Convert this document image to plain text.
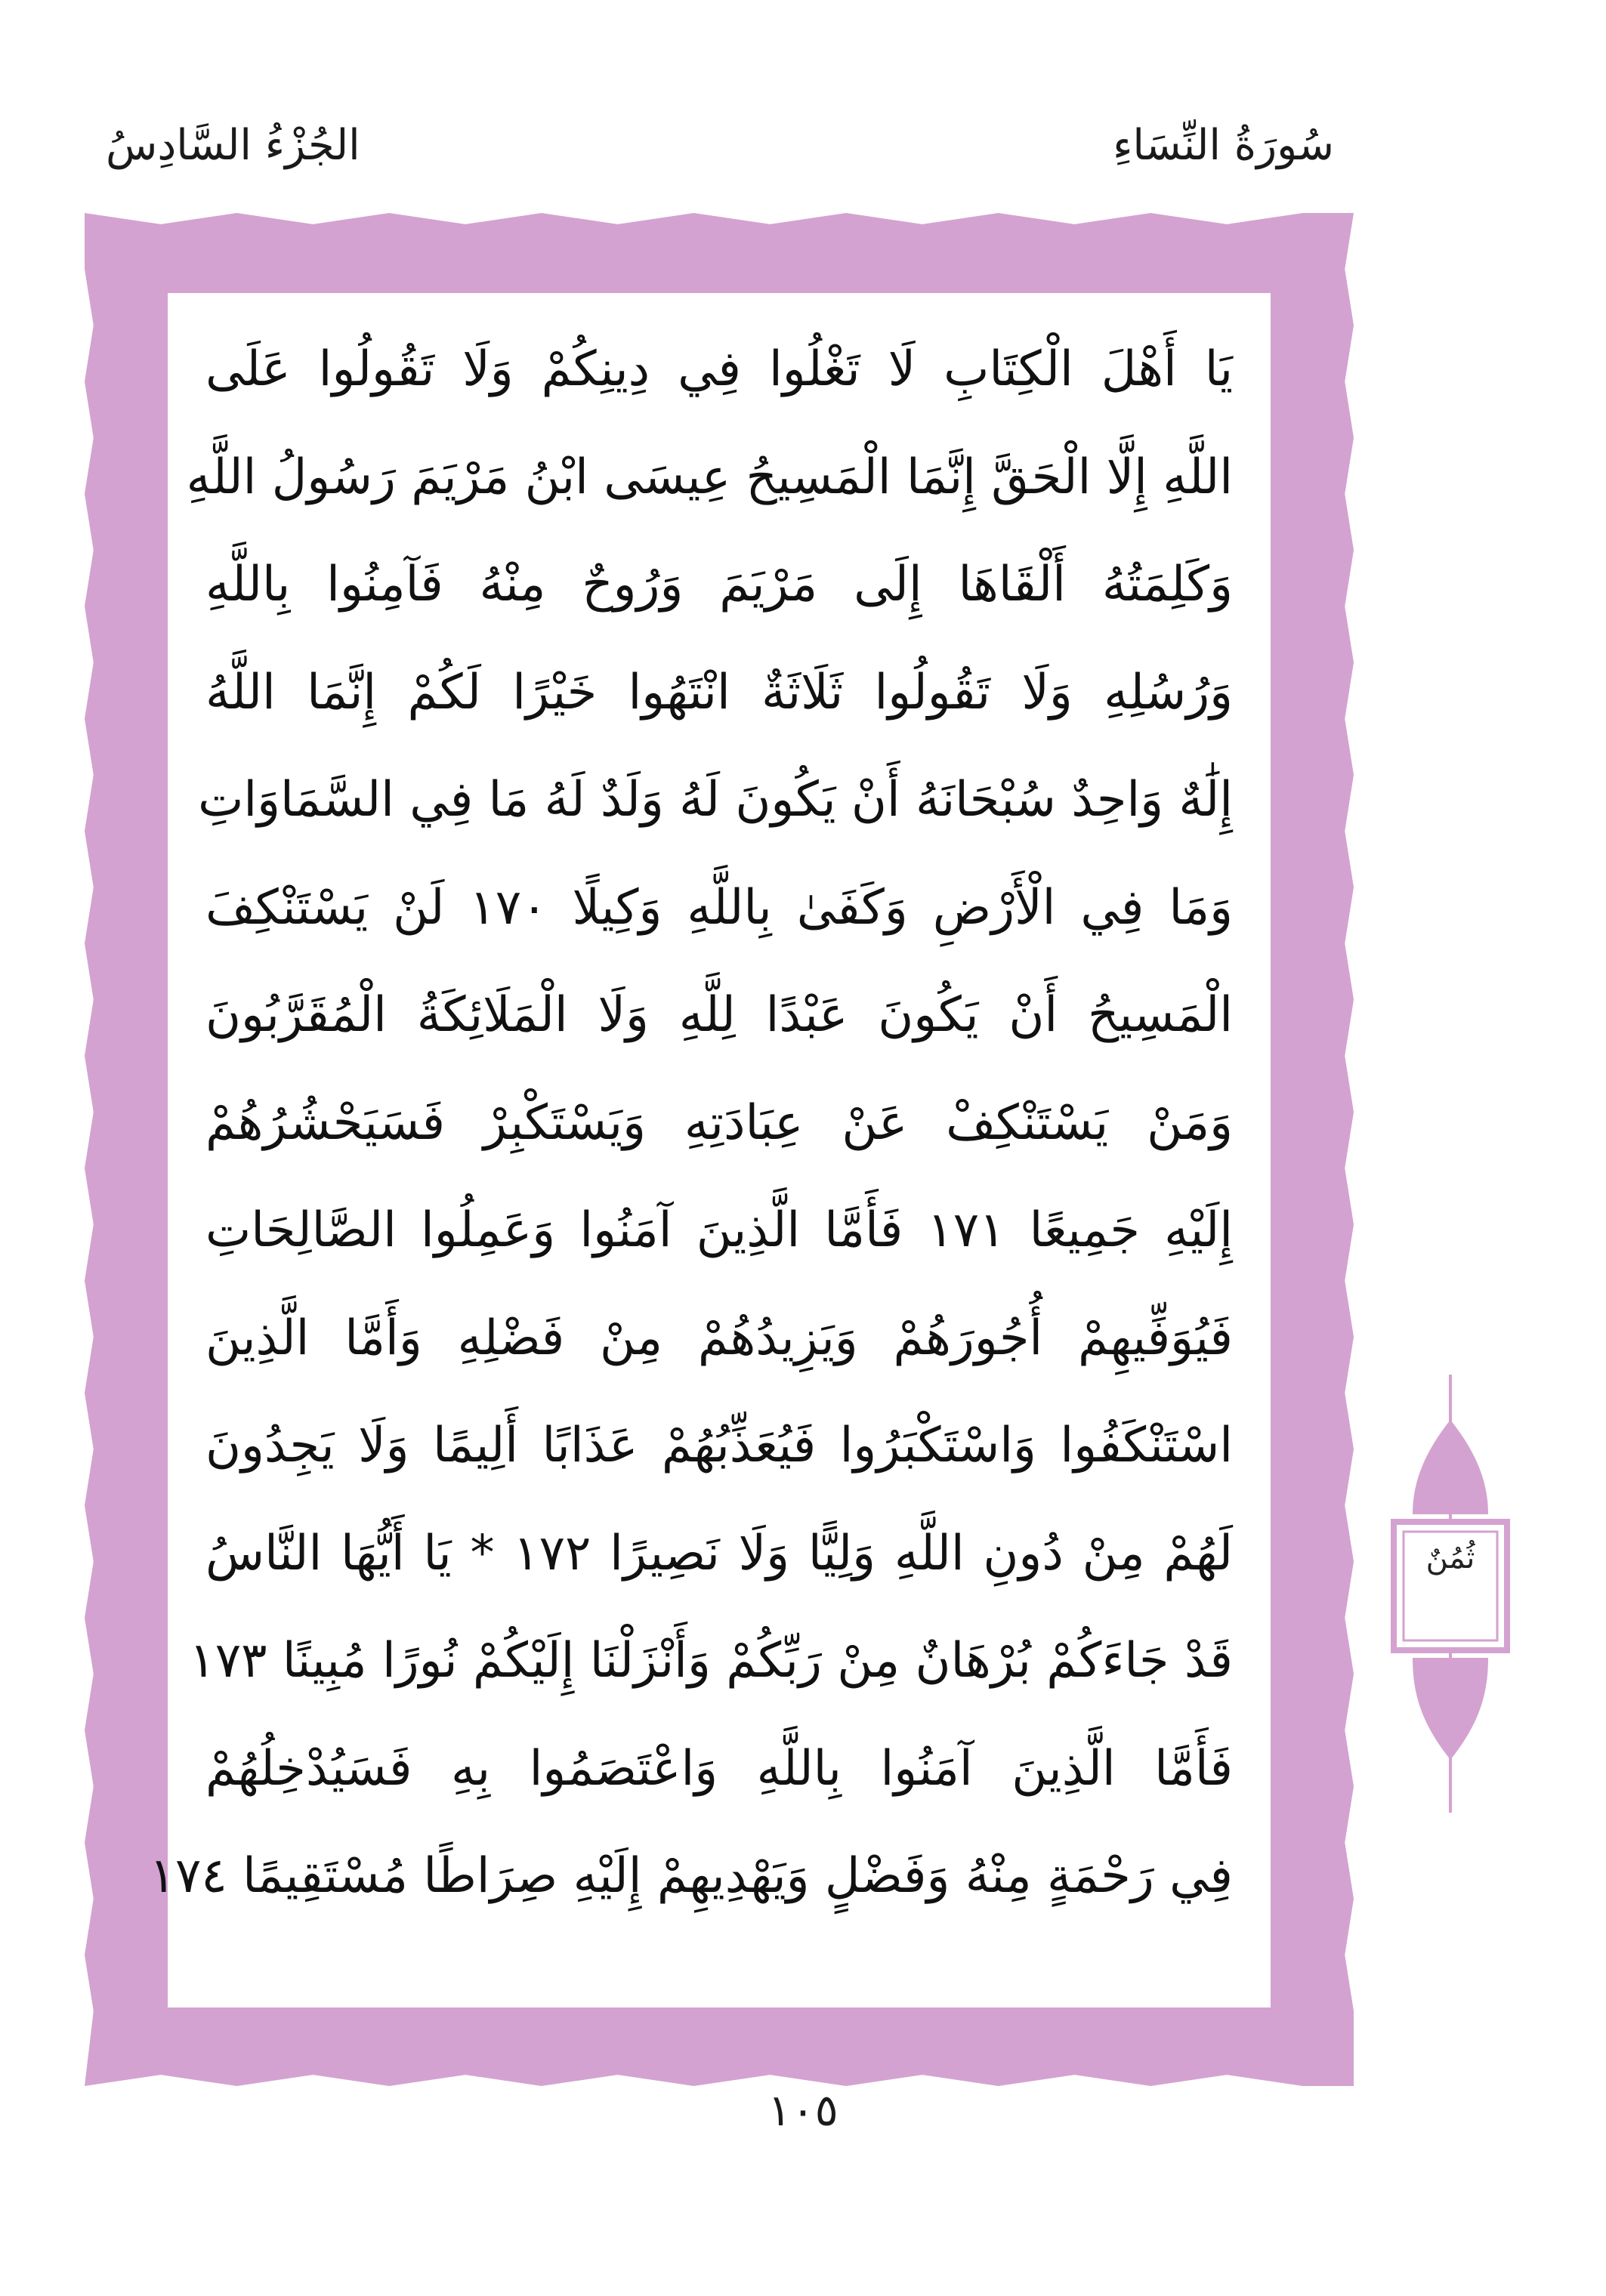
سُورَةُ النِّسَاءِ
الجُزْءُ السَّادِسُ
يَا أَهْلَ الْكِتَابِ لَا تَغْلُوا فِي دِينِكُمْ وَلَا تَقُولُوا عَلَى
اللَّهِ إِلَّا الْحَقَّ إِنَّمَا الْمَسِيحُ عِيسَى ابْنُ مَرْيَمَ رَسُولُ اللَّهِ
وَكَلِمَتُهُ أَلْقَاهَا إِلَى مَرْيَمَ وَرُوحٌ مِنْهُ فَآمِنُوا بِاللَّهِ
وَرُسُلِهِ وَلَا تَقُولُوا ثَلَاثَةٌ انْتَهُوا خَيْرًا لَكُمْ إِنَّمَا اللَّهُ
إِلَٰهٌ وَاحِدٌ سُبْحَانَهُ أَنْ يَكُونَ لَهُ وَلَدٌ لَهُ مَا فِي السَّمَاوَاتِ
وَمَا فِي الْأَرْضِ وَكَفَىٰ بِاللَّهِ وَكِيلًا ١٧٠ لَنْ يَسْتَنْكِفَ
الْمَسِيحُ أَنْ يَكُونَ عَبْدًا لِلَّهِ وَلَا الْمَلَائِكَةُ الْمُقَرَّبُونَ
وَمَنْ يَسْتَنْكِفْ عَنْ عِبَادَتِهِ وَيَسْتَكْبِرْ فَسَيَحْشُرُهُمْ
إِلَيْهِ جَمِيعًا ١٧١ فَأَمَّا الَّذِينَ آمَنُوا وَعَمِلُوا الصَّالِحَاتِ
فَيُوَفِّيهِمْ أُجُورَهُمْ وَيَزِيدُهُمْ مِنْ فَضْلِهِ وَأَمَّا الَّذِينَ
اسْتَنْكَفُوا وَاسْتَكْبَرُوا فَيُعَذِّبُهُمْ عَذَابًا أَلِيمًا وَلَا يَجِدُونَ
لَهُمْ مِنْ دُونِ اللَّهِ وَلِيًّا وَلَا نَصِيرًا ١٧٢ * يَا أَيُّهَا النَّاسُ
قَدْ جَاءَكُمْ بُرْهَانٌ مِنْ رَبِّكُمْ وَأَنْزَلْنَا إِلَيْكُمْ نُورًا مُبِينًا ١٧٣
فَأَمَّا الَّذِينَ آمَنُوا بِاللَّهِ وَاعْتَصَمُوا بِهِ فَسَيُدْخِلُهُمْ
فِي رَحْمَةٍ مِنْهُ وَفَضْلٍ وَيَهْدِيهِمْ إِلَيْهِ صِرَاطًا مُسْتَقِيمًا ١٧٤
ثُمُنٌ
١٠٥
